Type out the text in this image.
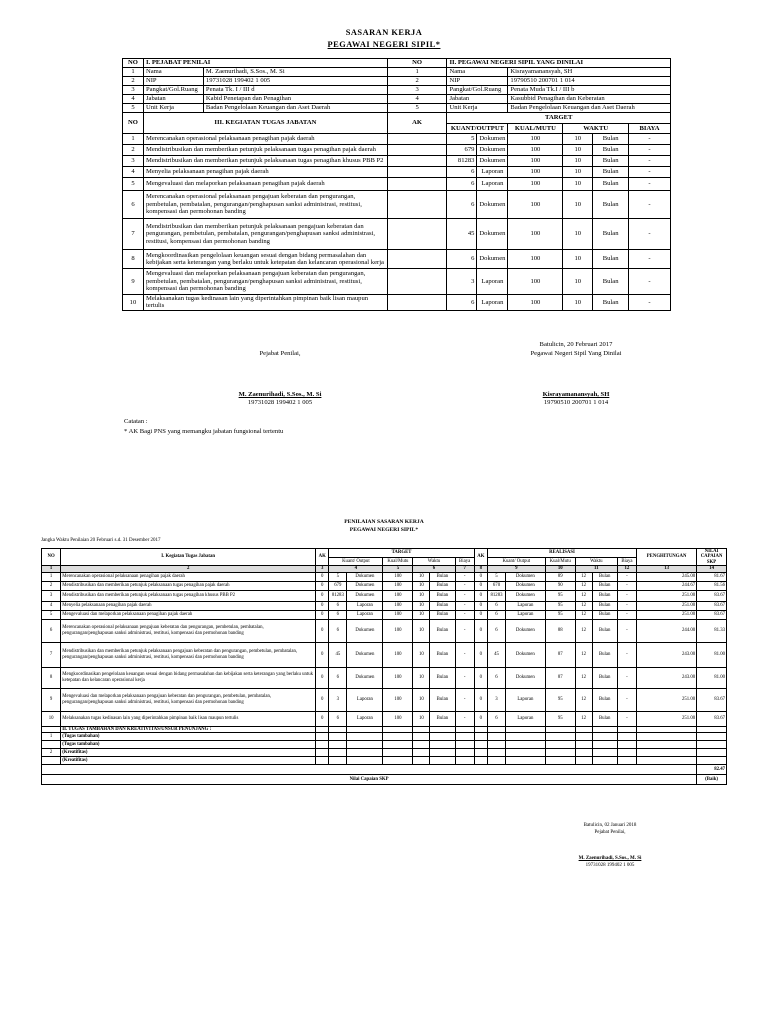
SASARAN KERJA
PEGAWAI NEGERI SIPIL*
NO	I. PEJABAT PENILAI		NO	II. PEGAWAI NEGERI SIPIL YANG DINILAI					
1	Nama	M. Zaenurihadi, S.Sos., M. Si	1	Nama		Kisrayamanansyah, SH			
2	NIP	19731028 199402 1 005	2	NIP		19790510 200701 1 014			
3	Pangkat/Gol.Ruang	Penata Tk. I / III d	3	Pangkat/Gol.Ruang		Penata Muda Tk.I / III b			
4	Jabatan	Kabid Penetapan dan Penagihan	4	Jabatan		Kasubbid Penagihan dan Keberatan			
5	Unit Kerja	Badan Pengelolaan Keuangan dan Aset Daerah	5	Unit Kerja		Badan Pengelolaan Keuangan dan Aset Daerah			
NO	III. KEGIATAN TUGAS JABATAN		AK	TARGET					
				KUANT/OUTPUT		KUAL/MUTU	WAKTU		BIAYA
1	Merencanakan operasional pelaksanaan penagihan pajak daerah			5	Dokumen	100	10	Bulan	-
2	Mendistribusikan dan memberikan petunjuk pelaksanaan tugas penagihan pajak daerah			679	Dokumen	100	10	Bulan	-
3	Mendistribusikan dan memberikan petunjuk pelaksanaan tugas penagihan khusus PBB P2			81283	Dokumen	100	10	Bulan	-
4	Menyelia pelaksanaan penagihan pajak daerah			6	Laporan	100	10	Bulan	-
5	Mengevaluasi dan melaporkan pelaksanaan penagihan pajak daerah			6	Laporan	100	10	Bulan	-
6	Merencanakan operasional pelaksanaan pengajuan keberatan dan pengurangan, pembetulan, pembatalan, pengurangan/penghapusan sanksi administrasi, restitusi, kompensasi dan permohonan banding			6	Dokumen	100	10	Bulan	-
7	Mendistribusikan dan memberikan petunjuk pelaksanaan pengajuan keberatan dan pengurangan, pembetulan, pembatalan, pengurangan/penghapusan sanksi administrasi, restitusi, kompensasi dan permohonan banding			45	Dokumen	100	10	Bulan	-
8	Mengkoordinasikan pengelolaan keuangan sesuai dengan bidang permasalahan dan kebijakan serta keterangan yang berlaku untuk ketepatan dan kelancaran operasional kerja			6	Dokumen	100	10	Bulan	-
9	Mengevaluasi dan melaporkan pelaksanaan pengajuan keberatan dan pengurangan, pembetulan, pembatalan, pengurangan/penghapusan sanksi administrasi, restitusi, kompensasi dan permohonan banding			3	Laporan	100	10	Bulan	-
10	Melaksanakan tugas kedinasan lain yang diperintahkan pimpinan baik lisan maupun tertulis			6	Laporan	100	10	Bulan	-
Batulicin, 20 Februari 2017
Pejabat Penilai,	Pegawai Negeri Sipil Yang Dinilai
M. Zaenurihadi, S.Sos., M. Si
19731028 199402 1 005
Kisrayamanansyah, SH
19790510 200701 1 014
Catatan :
* AK Bagi PNS yang memangku jabatan fungsional tertentu
PENILAIAN SASARAN KERJA
PEGAWAI NEGERI SIPIL*
Jangka Waktu Penilaian 20 Februari s.d. 31 Desember 2017
NO	I. Kegiatan Tugas Jabatan	AK	TARGET						AK	REALISASI						PENGHITUNGAN	NILAI CAPAIAN SKP
			Kuant/ Output		Kual/Mutu	Waktu		Biaya		Kuant/ Output		Kual/Mutu	Waktu		Biaya		
1	2	3	4		5	6		7	8	9		10	11		12	13	14
1	Merencanakan operasional pelaksanaan penagihan pajak daerah	0	5	Dokumen	100	10	Bulan	-	0	5	Dokumen	89	12	Bulan	-	245.00	81.67
2	Mendistribusikan dan memberikan petunjuk pelaksanaan tugas penagihan pajak daerah	0	679	Dokumen	100	10	Bulan	-	0	670	Dokumen	90	12	Bulan	-	244.67	81.56
3	Mendistribusikan dan memberikan petunjuk pelaksanaan tugas penagihan khusus PBB P2	0	81283	Dokumen	100	10	Bulan	-	0	81283	Dokumen	95	12	Bulan	-	251.00	83.67
4	Menyelia pelaksanaan penagihan pajak daerah	0	6	Laporan	100	10	Bulan	-	0	6	Laporan	95	12	Bulan	-	251.00	83.67
5	Mengevaluasi dan melaporkan pelaksanaan penagihan pajak daerah	0	6	Laporan	100	10	Bulan	-	0	6	Laporan	95	12	Bulan	-	251.00	83.67
6	Merencanakan operasional pelaksanaan pengajuan keberatan dan pengurangan, pembetulan, pembatalan, pengurangan/penghapusan sanksi administrasi, restitusi, kompensasi dan permohonan banding	0	6	Dokumen	100	10	Bulan	-	0	6	Dokumen	88	12	Bulan	-	244.00	81.33
7	Mendistribusikan dan memberikan petunjuk pelaksanaan pengajuan keberatan dan pengurangan, pembetulan, pembatalan, pengurangan/penghapusan sanksi administrasi, restitusi, kompensasi dan permohonan banding	0	45	Dokumen	100	10	Bulan	-	0	45	Dokumen	87	12	Bulan	-	243.00	81.00
8	Mengkoordinasikan pengelolaan keuangan sesuai dengan bidang permasalahan dan kebijakan serta keterangan yang berlaku untuk ketepatan dan kelancaran operasional kerja	0	6	Dokumen	100	10	Bulan	-	0	6	Dokumen	87	12	Bulan	-	243.00	81.00
9	Mengevaluasi dan melaporkan pelaksanaan pengajuan keberatan dan pengurangan, pembetulan, pembatalan, pengurangan/penghapusan sanksi administrasi, restitusi, kompensasi dan permohonan banding	0	3	Laporan	100	10	Bulan	-	0	3	Laporan	95	12	Bulan	-	251.00	83.67
10	Melaksanakan tugas kedinasan lain yang diperintahkan pimpinan baik lisan maupun tertulis	0	6	Laporan	100	10	Bulan	-	0	6	Laporan	95	12	Bulan	-	251.00	83.67
	II. TUGAS TAMBAHAN DAN KREATIVITAS/UNSUR PENUNJANG :																
1	(Tugas tambahan)																
	(Tugas tambahan)																
2	(Kreatifitas)																
	(Kreatifitas)																
																	82.47
Nilai Capaian SKP																	(Baik)
Batulicin, 02 Januari 2018
Pejabat Penilai,
M. Zaenurihadi, S.Sos., M. Si
19731028 199402 1 005
